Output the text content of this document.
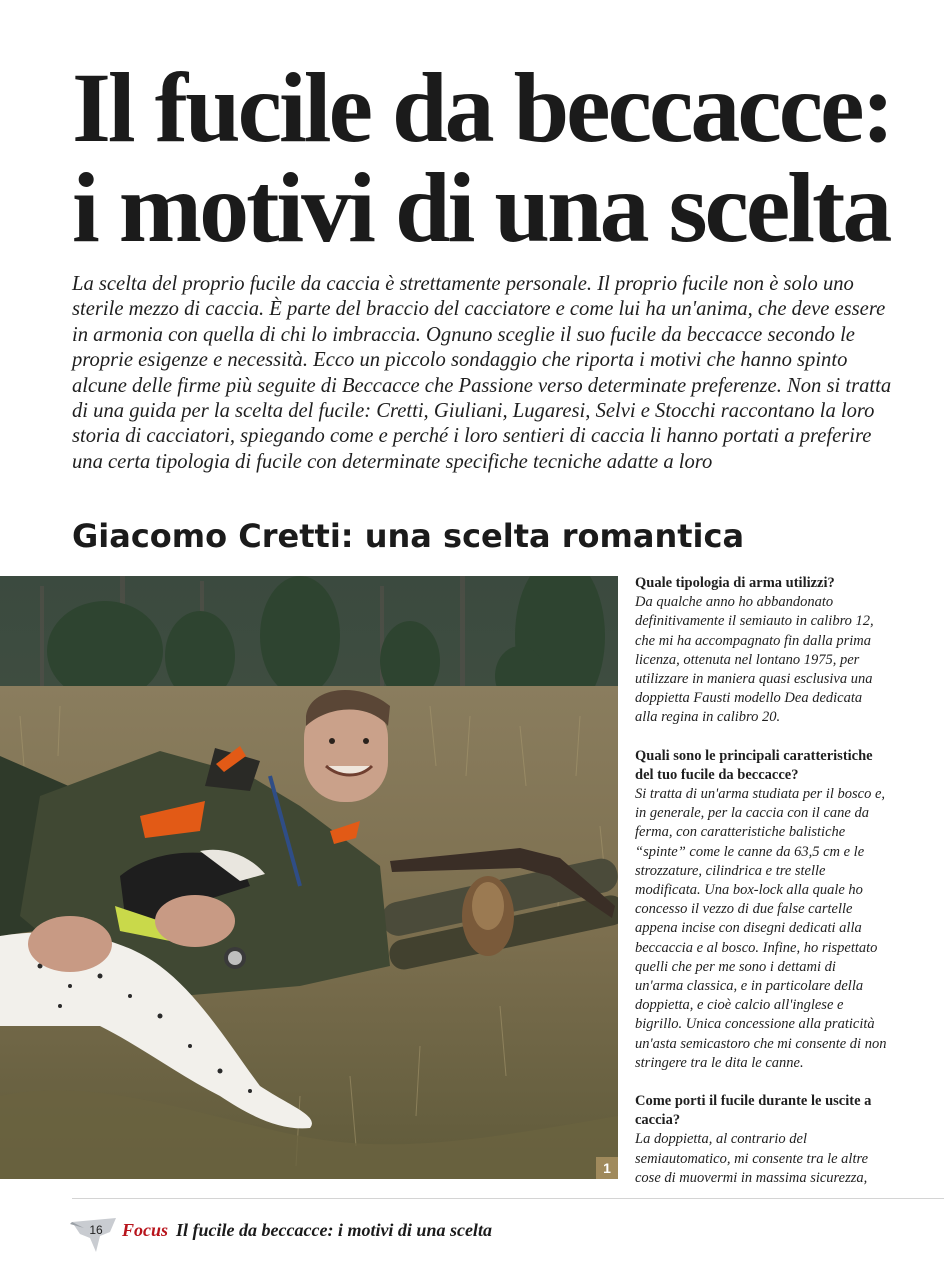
Il fucile da beccacce:
i motivi di una scelta

La scelta del proprio fucile da caccia è strettamente personale. Il proprio fucile non è solo uno sterile mezzo di caccia. È parte del braccio del cacciatore e come lui ha un'anima, che deve essere in armonia con quella di chi lo imbraccia. Ognuno sceglie il suo fucile da beccacce secondo le proprie esigenze e necessità. Ecco un piccolo sondaggio che riporta i motivi che hanno spinto alcune delle firme più seguite di Beccacce che Passione verso determinate preferenze. Non si tratta di una guida per la scelta del fucile: Cretti, Giuliani, Lugaresi, Selvi e Stocchi raccontano la loro storia di cacciatori, spiegando come e perché i loro sentieri di caccia li hanno portati a preferire una certa tipologia di fucile con determinate specifiche tecniche adatte a loro

Giacomo Cretti: una scelta romantica
1
Quale tipologia di arma utilizzi?
Da qualche anno ho abbandonato definitivamente il semiauto in calibro 12, che mi ha accompagnato fin dalla prima licenza, ottenuta nel lontano 1975, per utilizzare in maniera quasi esclusiva una doppietta Fausti modello Dea dedicata alla regina in calibro 20.
Quali sono le principali caratteristiche del tuo fucile da beccacce?
Si tratta di un'arma studiata per il bosco e, in generale, per la caccia con il cane da ferma, con caratteristiche balistiche “spinte” come le canne da 63,5 cm e le strozzature, cilindrica e tre stelle modificata. Una box-lock alla quale ho concesso il vezzo di due false cartelle appena incise con disegni dedicati alla beccaccia e al bosco. Infine, ho rispettato quelli che per me sono i dettami di un'arma classica, e in particolare della doppietta, e cioè calcio all'inglese e bigrillo. Unica concessione alla praticità un'asta semicastoro che mi consente di non stringere tra le dita le canne.
Come porti il fucile durante le uscite a caccia?
La doppietta, al contrario del semiautomatico, mi consente tra le altre cose di muovermi in massima sicurezza,
16	Focus Il fucile da beccacce: i motivi di una scelta
